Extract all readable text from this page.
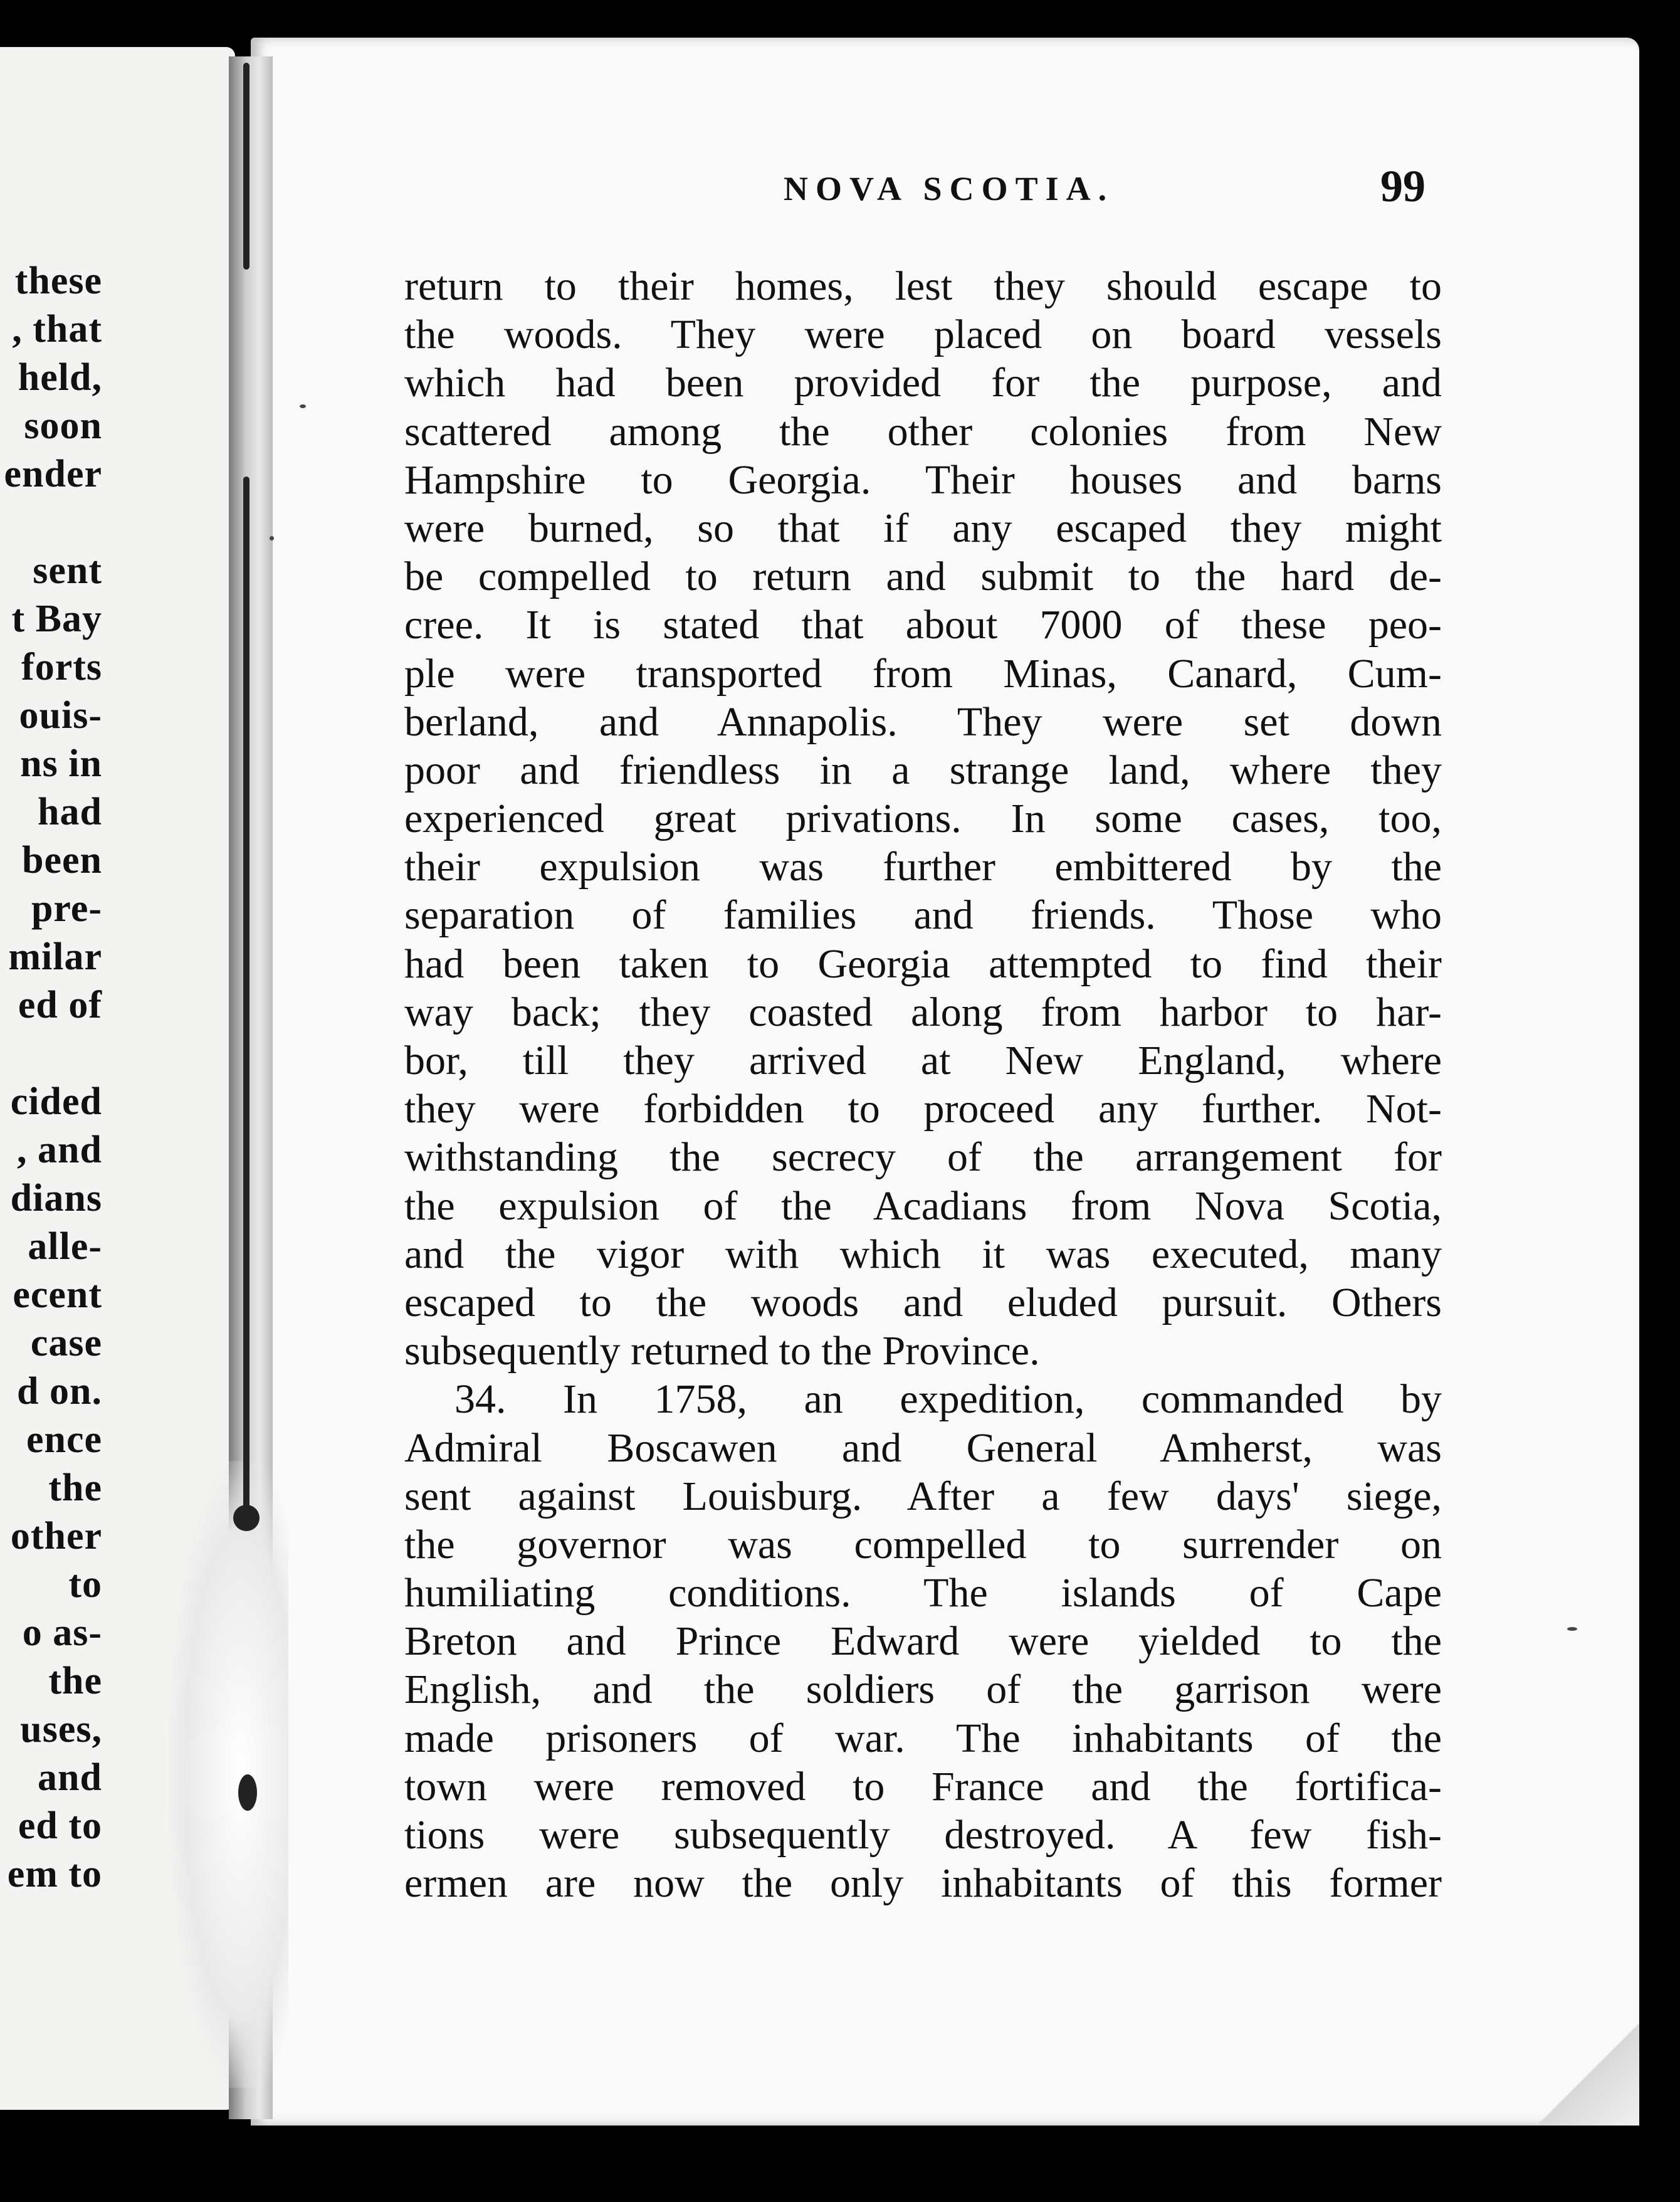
these
, that
held,
soon
ender

sent
t Bay
forts
ouis-
ns in
had
been
pre-
milar
ed of

cided
, and
dians
alle-
ecent
case
d on.
ence
the
other
to
o as-
the
uses,
and
ed to
em to
NOVA SCOTIA.	99
return to their homes, lest they should escape to
the woods. They were placed on board vessels
which had been provided for the purpose, and
scattered among the other colonies from New
Hampshire to Georgia. Their houses and barns
were burned, so that if any escaped they might
be compelled to return and submit to the hard de-
cree. It is stated that about 7000 of these peo-
ple were transported from Minas, Canard, Cum-
berland, and Annapolis. They were set down
poor and friendless in a strange land, where they
experienced great privations. In some cases, too,
their expulsion was further embittered by the
separation of families and friends. Those who
had been taken to Georgia attempted to find their
way back; they coasted along from harbor to har-
bor, till they arrived at New England, where
they were forbidden to proceed any further. Not-
withstanding the secrecy of the arrangement for
the expulsion of the Acadians from Nova Scotia,
and the vigor with which it was executed, many
escaped to the woods and eluded pursuit. Others
subsequently returned to the Province.
34. In 1758, an expedition, commanded by
Admiral Boscawen and General Amherst, was
sent against Louisburg. After a few days' siege,
the governor was compelled to surrender on
humiliating conditions. The islands of Cape
Breton and Prince Edward were yielded to the
English, and the soldiers of the garrison were
made prisoners of war. The inhabitants of the
town were removed to France and the fortifica-
tions were subsequently destroyed. A few fish-
ermen are now the only inhabitants of this former
